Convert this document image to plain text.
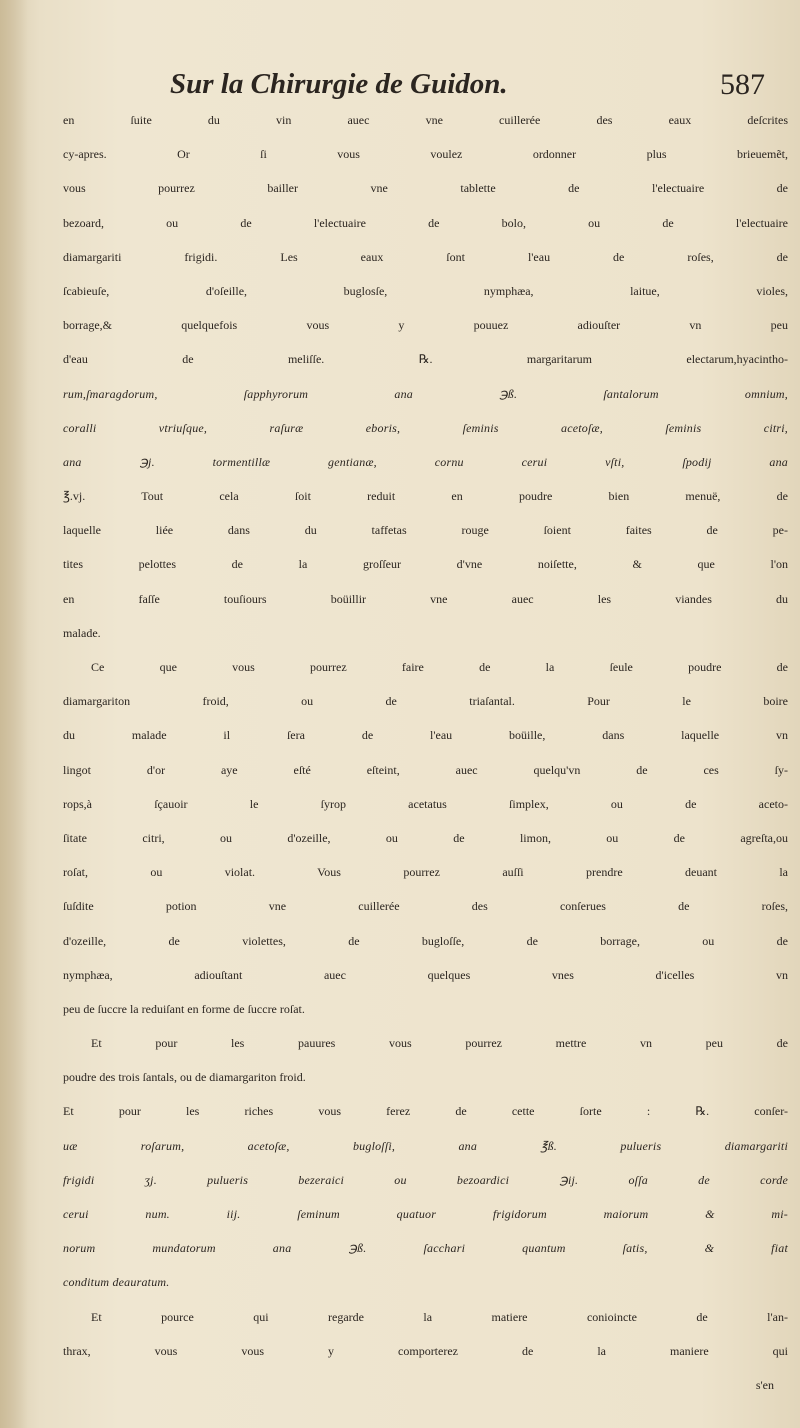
Sur la Chirurgie de Guidon.	587
en ſuite du vin auec vne cuillerée des eaux deſcrites
cy-apres. Or ſi vous voulez ordonner plus brieuemẽt,
vous pourrez bailler vne tablette de l'electuaire de
bezoard, ou de l'electuaire de bolo, ou de l'electuaire
diamargariti frigidi. Les eaux ſont l'eau de roſes, de
ſcabieuſe, d'oſeille, buglosſe, nymphæa, laitue, violes,
borrage,& quelquefois vous y pouuez adiouſter vn peu
d'eau de meliſſe. ℞. margaritarum electarum,hyacintho-
rum,ſmaragdorum, ſapphyrorum ana ℈ß. ſantalorum omnium,
coralli vtriuſque, raſuræ eboris, ſeminis acetoſæ, ſeminis citri,
ana ℈j. tormentillæ gentianæ, cornu cerui vſti, ſpodij ana
℥.vj. Tout cela ſoit reduit en poudre bien menuë, de
laquelle liée dans du taffetas rouge ſoient faites de pe-
tites pelottes de la groſſeur d'vne noiſette, & que l'on
en faſſe touſiours boüillir vne auec les viandes du
malade.
Ce que vous pourrez faire de la ſeule poudre de
diamargariton froid, ou de triaſantal. Pour le boire
du malade il ſera de l'eau boüille, dans laquelle vn
lingot d'or aye eſté eſteint, auec quelqu'vn de ces ſy-
rops,à ſçauoir le ſyrop acetatus ſimplex, ou de aceto-
ſitate citri, ou d'ozeille, ou de limon, ou de agreſta,ou
roſat, ou violat. Vous pourrez auſſi prendre deuant la
ſuſdite potion vne cuillerée des conſerues de roſes,
d'ozeille, de violettes, de bugloſſe, de borrage, ou de
nymphæa, adiouſtant auec quelques vnes d'icelles vn
peu de ſuccre la reduiſant en forme de ſuccre roſat.
Et pour les pauures vous pourrez mettre vn peu de
poudre des trois ſantals, ou de diamargariton froid.
Et pour les riches vous ferez de cette ſorte : ℞. conſer-
uæ roſarum, acetoſæ, bugloſſi, ana ℥ß. pulueris diamargariti
frigidi ʒj. pulueris bezeraici ou bezoardici ℈ij. oſſa de corde
cerui num. iij. ſeminum quatuor frigidorum maiorum & mi-
norum mundatorum ana ℈ß. ſacchari quantum ſatis, & fiat
conditum deauratum.
Et pource qui regarde la matiere conioincte de l'an-
thrax, vous vous y comporterez de la maniere qui
s'en
